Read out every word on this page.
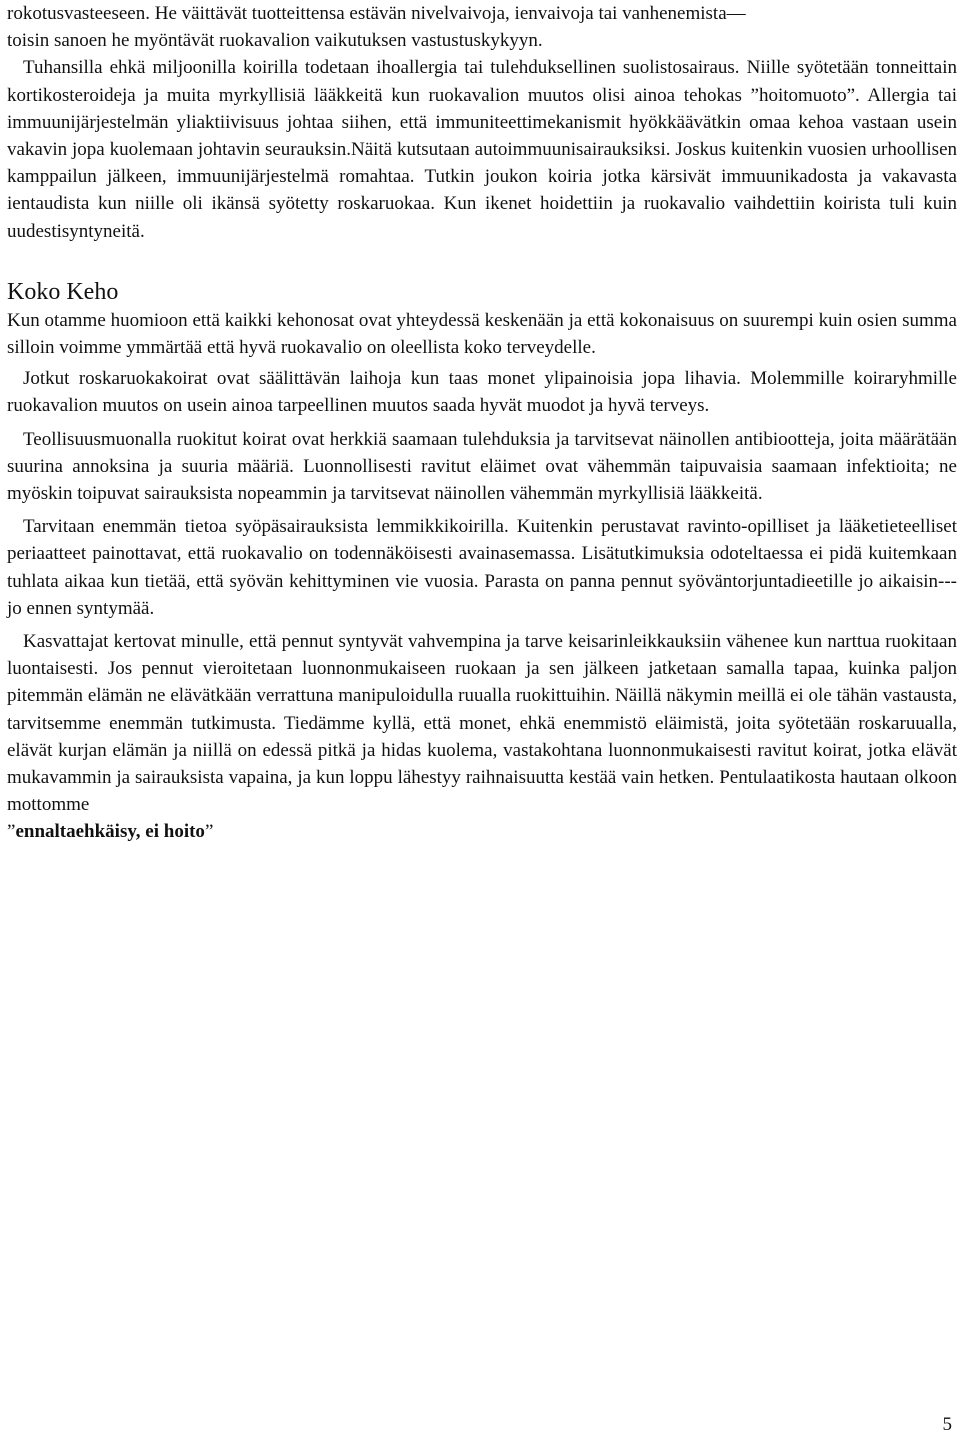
rokotusvasteeseen. He väittävät tuotteittensa estävän nivelvaivoja, ienvaivoja tai vanhenemista—
toisin sanoen he myöntävät ruokavalion vaikutuksen vastustuskykyyn.

Tuhansilla ehkä miljoonilla koirilla todetaan ihoallergia tai tulehduksellinen suolistosairaus. Niille syötetään tonneittain kortikosteroideja ja muita myrkyllisiä lääkkeitä kun ruokavalion muutos olisi ainoa tehokas ”hoitomuoto”. Allergia tai immuunijärjestelmän yliaktiivisuus johtaa siihen, että immuniteettimekanismit hyökkäävätkin omaa kehoa vastaan usein vakavin jopa kuolemaan johtavin seurauksin.Näitä kutsutaan autoimmuunisairauksiksi. Joskus kuitenkin vuosien urhoollisen kamppailun jälkeen, immuunijärjestelmä romahtaa. Tutkin joukon koiria jotka kärsivät immuunikadosta ja vakavasta ientaudista kun niille oli ikänsä syötetty roskaruokaa. Kun ikenet hoidettiin ja ruokavalio vaihdettiin koirista tuli kuin uudestisyntyneitä.

Koko Keho

Kun otamme huomioon että kaikki kehonosat ovat yhteydessä keskenään ja että kokonaisuus on suurempi kuin osien summa silloin voimme ymmärtää että hyvä ruokavalio on oleellista koko terveydelle.

Jotkut roskaruokakoirat ovat säälittävän laihoja kun taas monet ylipainoisia jopa lihavia. Molemmille koiraryhmille ruokavalion muutos on usein ainoa tarpeellinen muutos saada hyvät muodot ja hyvä terveys.

Teollisuusmuonalla ruokitut koirat ovat herkkiä saamaan tulehduksia ja tarvitsevat näinollen antibiootteja, joita määrätään suurina annoksina ja suuria määriä. Luonnollisesti ravitut eläimet ovat vähemmän taipuvaisia saamaan infektioita; ne myöskin toipuvat sairauksista nopeammin ja tarvitsevat näinollen vähemmän myrkyllisiä lääkkeitä.

Tarvitaan enemmän tietoa syöpäsairauksista lemmikkikoirilla. Kuitenkin perustavat ravinto-opilliset ja lääketieteelliset periaatteet painottavat, että ruokavalio on todennäköisesti avainasemassa. Lisätutkimuksia odoteltaessa ei pidä kuitemkaan tuhlata aikaa kun tietää, että syövän kehittyminen vie vuosia. Parasta on panna pennut syöväntorjuntadieetille jo aikaisin--- jo ennen syntymää.

Kasvattajat kertovat minulle, että pennut syntyvät vahvempina ja tarve keisarinleikkauksiin vähenee kun narttua ruokitaan luontaisesti. Jos pennut vieroitetaan luonnonmukaiseen ruokaan ja sen jälkeen jatketaan samalla tapaa, kuinka paljon pitemmän elämän ne elävätkään verrattuna manipuloidulla ruualla ruokittuihin. Näillä näkymin meillä ei ole tähän vastausta, tarvitsemme enemmän tutkimusta. Tiedämme kyllä, että monet, ehkä enemmistö eläimistä, joita syötetään roskaruualla, elävät kurjan elämän ja niillä on edessä pitkä ja hidas kuolema, vastakohtana luonnonmukaisesti ravitut koirat, jotka elävät mukavammin ja sairauksista vapaina, ja kun loppu lähestyy raihnaisuutta kestää vain hetken. Pentulaatikosta hautaan olkoon mottomme
”ennaltaehkäisy, ei hoito”

5
